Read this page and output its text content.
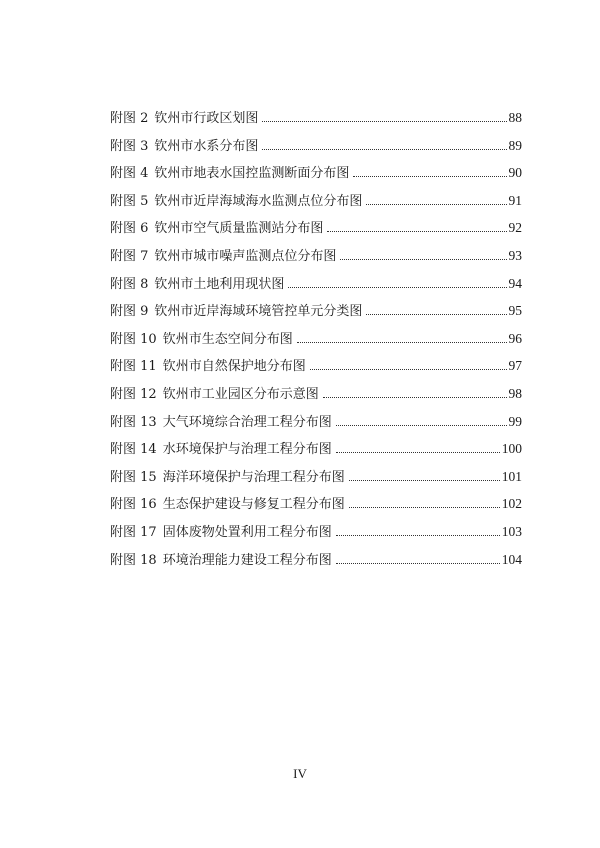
附图 2 钦州市行政区划图	88
附图 3 钦州市水系分布图	89
附图 4 钦州市地表水国控监测断面分布图	90
附图 5 钦州市近岸海域海水监测点位分布图	91
附图 6 钦州市空气质量监测站分布图	92
附图 7 钦州市城市噪声监测点位分布图	93
附图 8 钦州市土地利用现状图	94
附图 9 钦州市近岸海域环境管控单元分类图	95
附图 10 钦州市生态空间分布图	96
附图 11 钦州市自然保护地分布图	97
附图 12 钦州市工业园区分布示意图	98
附图 13 大气环境综合治理工程分布图	99
附图 14 水环境保护与治理工程分布图	100
附图 15 海洋环境保护与治理工程分布图	101
附图 16 生态保护建设与修复工程分布图	102
附图 17 固体废物处置利用工程分布图	103
附图 18 环境治理能力建设工程分布图	104
IV
